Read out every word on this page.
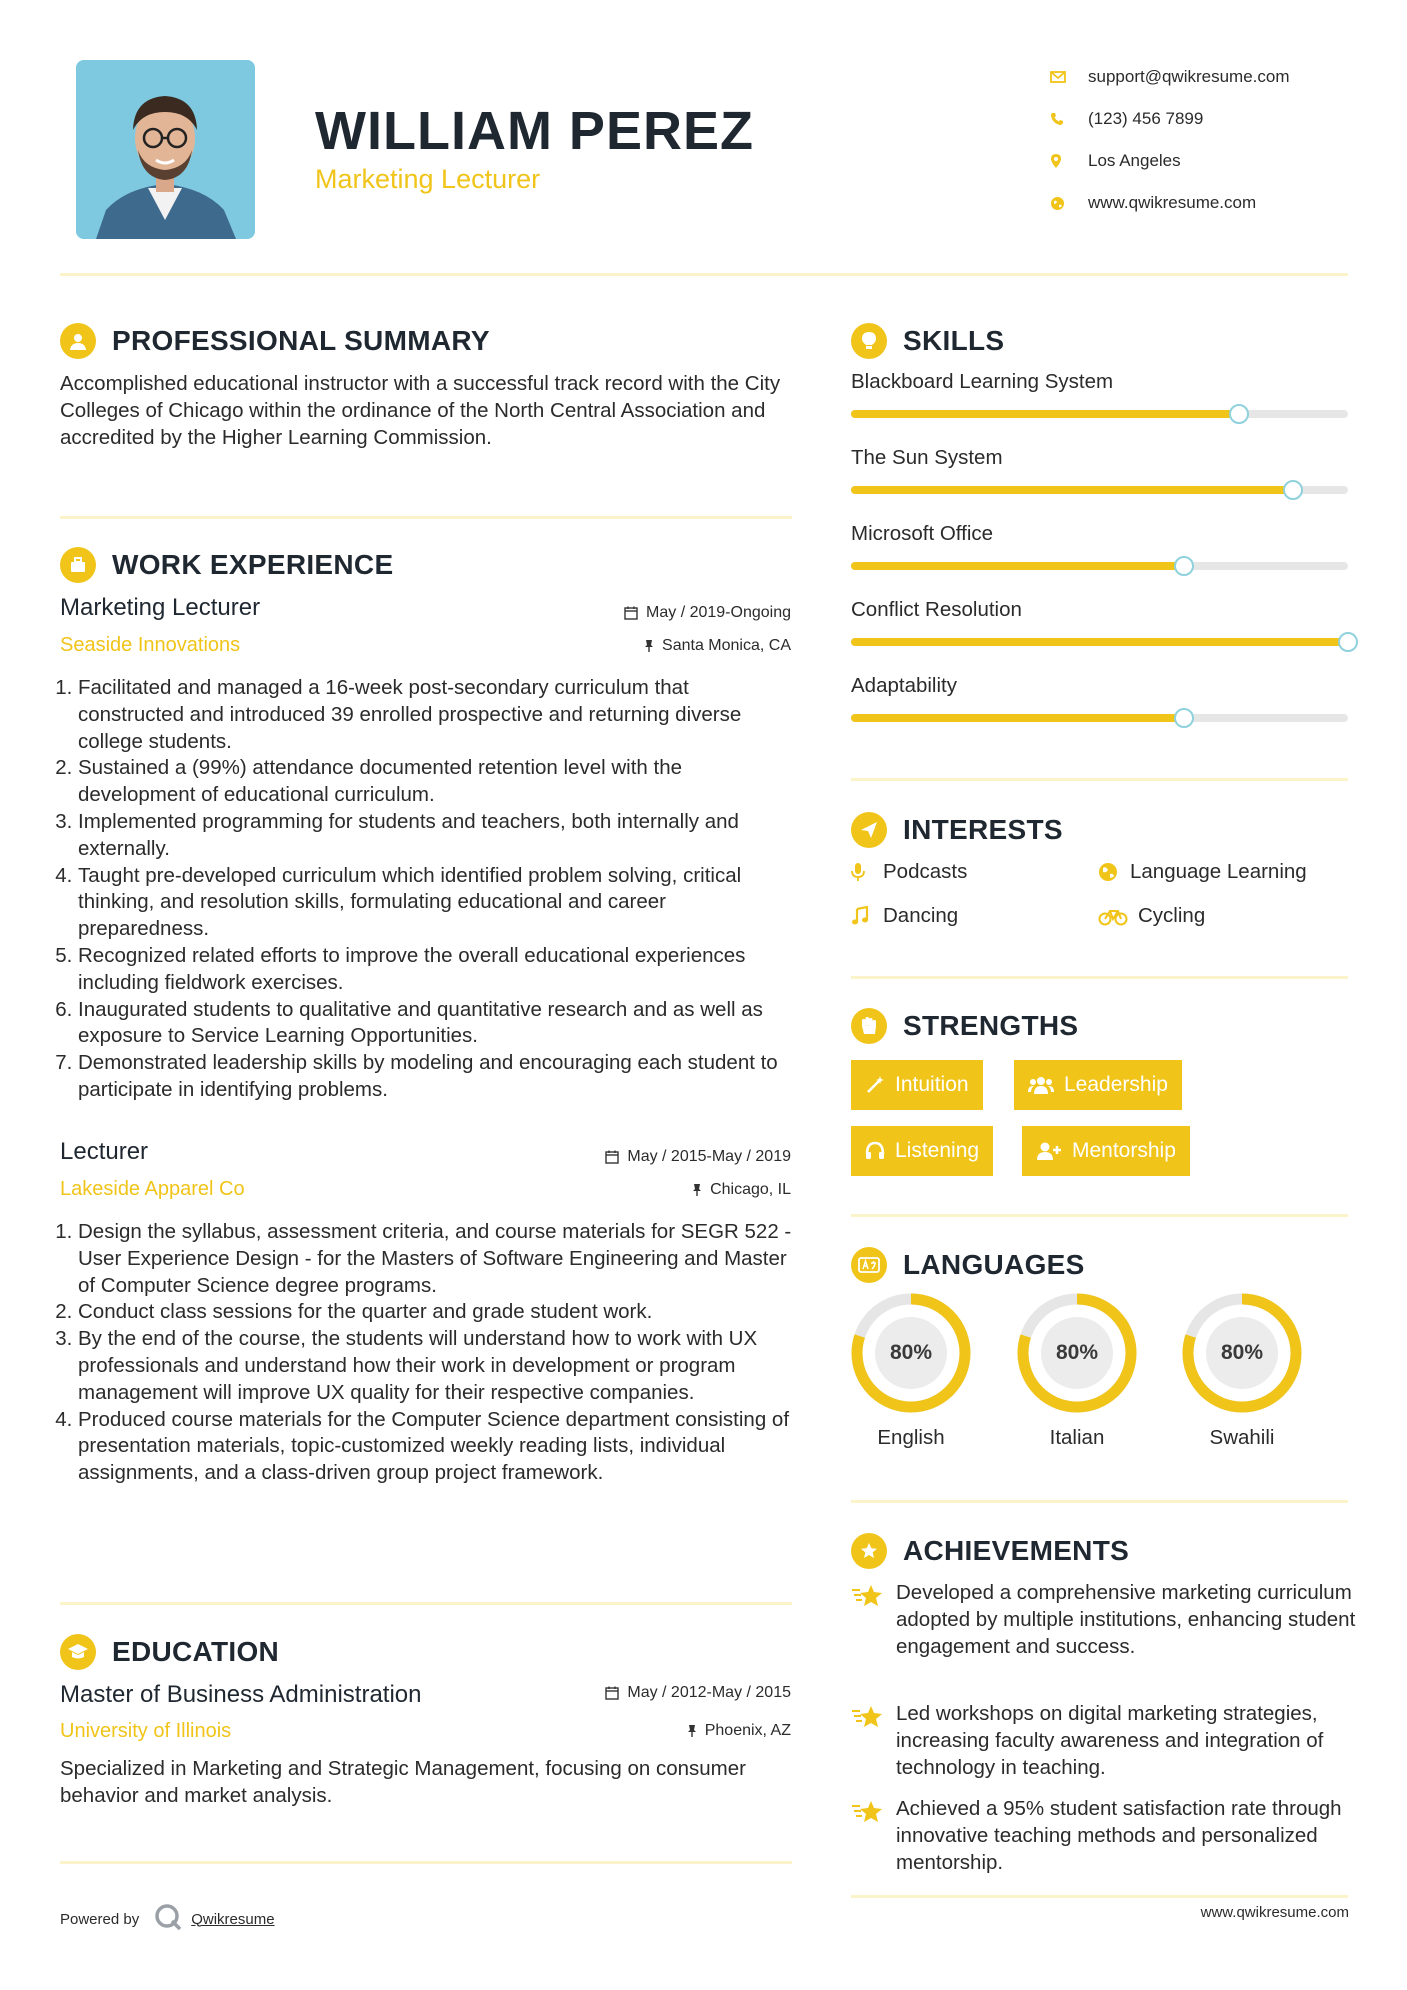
WILLIAM PEREZ
Marketing Lecturer
support@qwikresume.com
(123) 456 7899
Los Angeles
www.qwikresume.com
PROFESSIONAL SUMMARY
Accomplished educational instructor with a successful track record with the City Colleges of Chicago within the ordinance of the North Central Association and accredited by the Higher Learning Commission.
WORK EXPERIENCE
Marketing Lecturer	May / 2019-Ongoing
Seaside Innovations	Santa Monica, CA
1. Facilitated and managed a 16-week post-secondary curriculum that constructed and introduced 39 enrolled prospective and returning diverse college students.
2. Sustained a (99%) attendance documented retention level with the development of educational curriculum.
3. Implemented programming for students and teachers, both internally and externally.
4. Taught pre-developed curriculum which identified problem solving, critical thinking, and resolution skills, formulating educational and career preparedness.
5. Recognized related efforts to improve the overall educational experiences including fieldwork exercises.
6. Inaugurated students to qualitative and quantitative research and as well as exposure to Service Learning Opportunities.
7. Demonstrated leadership skills by modeling and encouraging each student to participate in identifying problems.
Lecturer	May / 2015-May / 2019
Lakeside Apparel Co	Chicago, IL
1. Design the syllabus, assessment criteria, and course materials for SEGR 522 - User Experience Design - for the Masters of Software Engineering and Master of Computer Science degree programs.
2. Conduct class sessions for the quarter and grade student work.
3. By the end of the course, the students will understand how to work with UX professionals and understand how their work in development or program management will improve UX quality for their respective companies.
4. Produced course materials for the Computer Science department consisting of presentation materials, topic-customized weekly reading lists, individual assignments, and a class-driven group project framework.
EDUCATION
Master of Business Administration	May / 2012-May / 2015
University of Illinois	Phoenix, AZ
Specialized in Marketing and Strategic Management, focusing on consumer behavior and market analysis.
SKILLS
Blackboard Learning System
The Sun System
Microsoft Office
Conflict Resolution
Adaptability
INTERESTS
Podcasts	Language Learning
Dancing	Cycling
STRENGTHS
Intuition	Leadership
Listening	Mentorship
LANGUAGES
80%
English
80%
Italian
80%
Swahili
ACHIEVEMENTS
Developed a comprehensive marketing curriculum adopted by multiple institutions, enhancing student engagement and success.
Led workshops on digital marketing strategies, increasing faculty awareness and integration of technology in teaching.
Achieved a 95% student satisfaction rate through innovative teaching methods and personalized mentorship.
Powered by	Qwikresume	www.qwikresume.com
